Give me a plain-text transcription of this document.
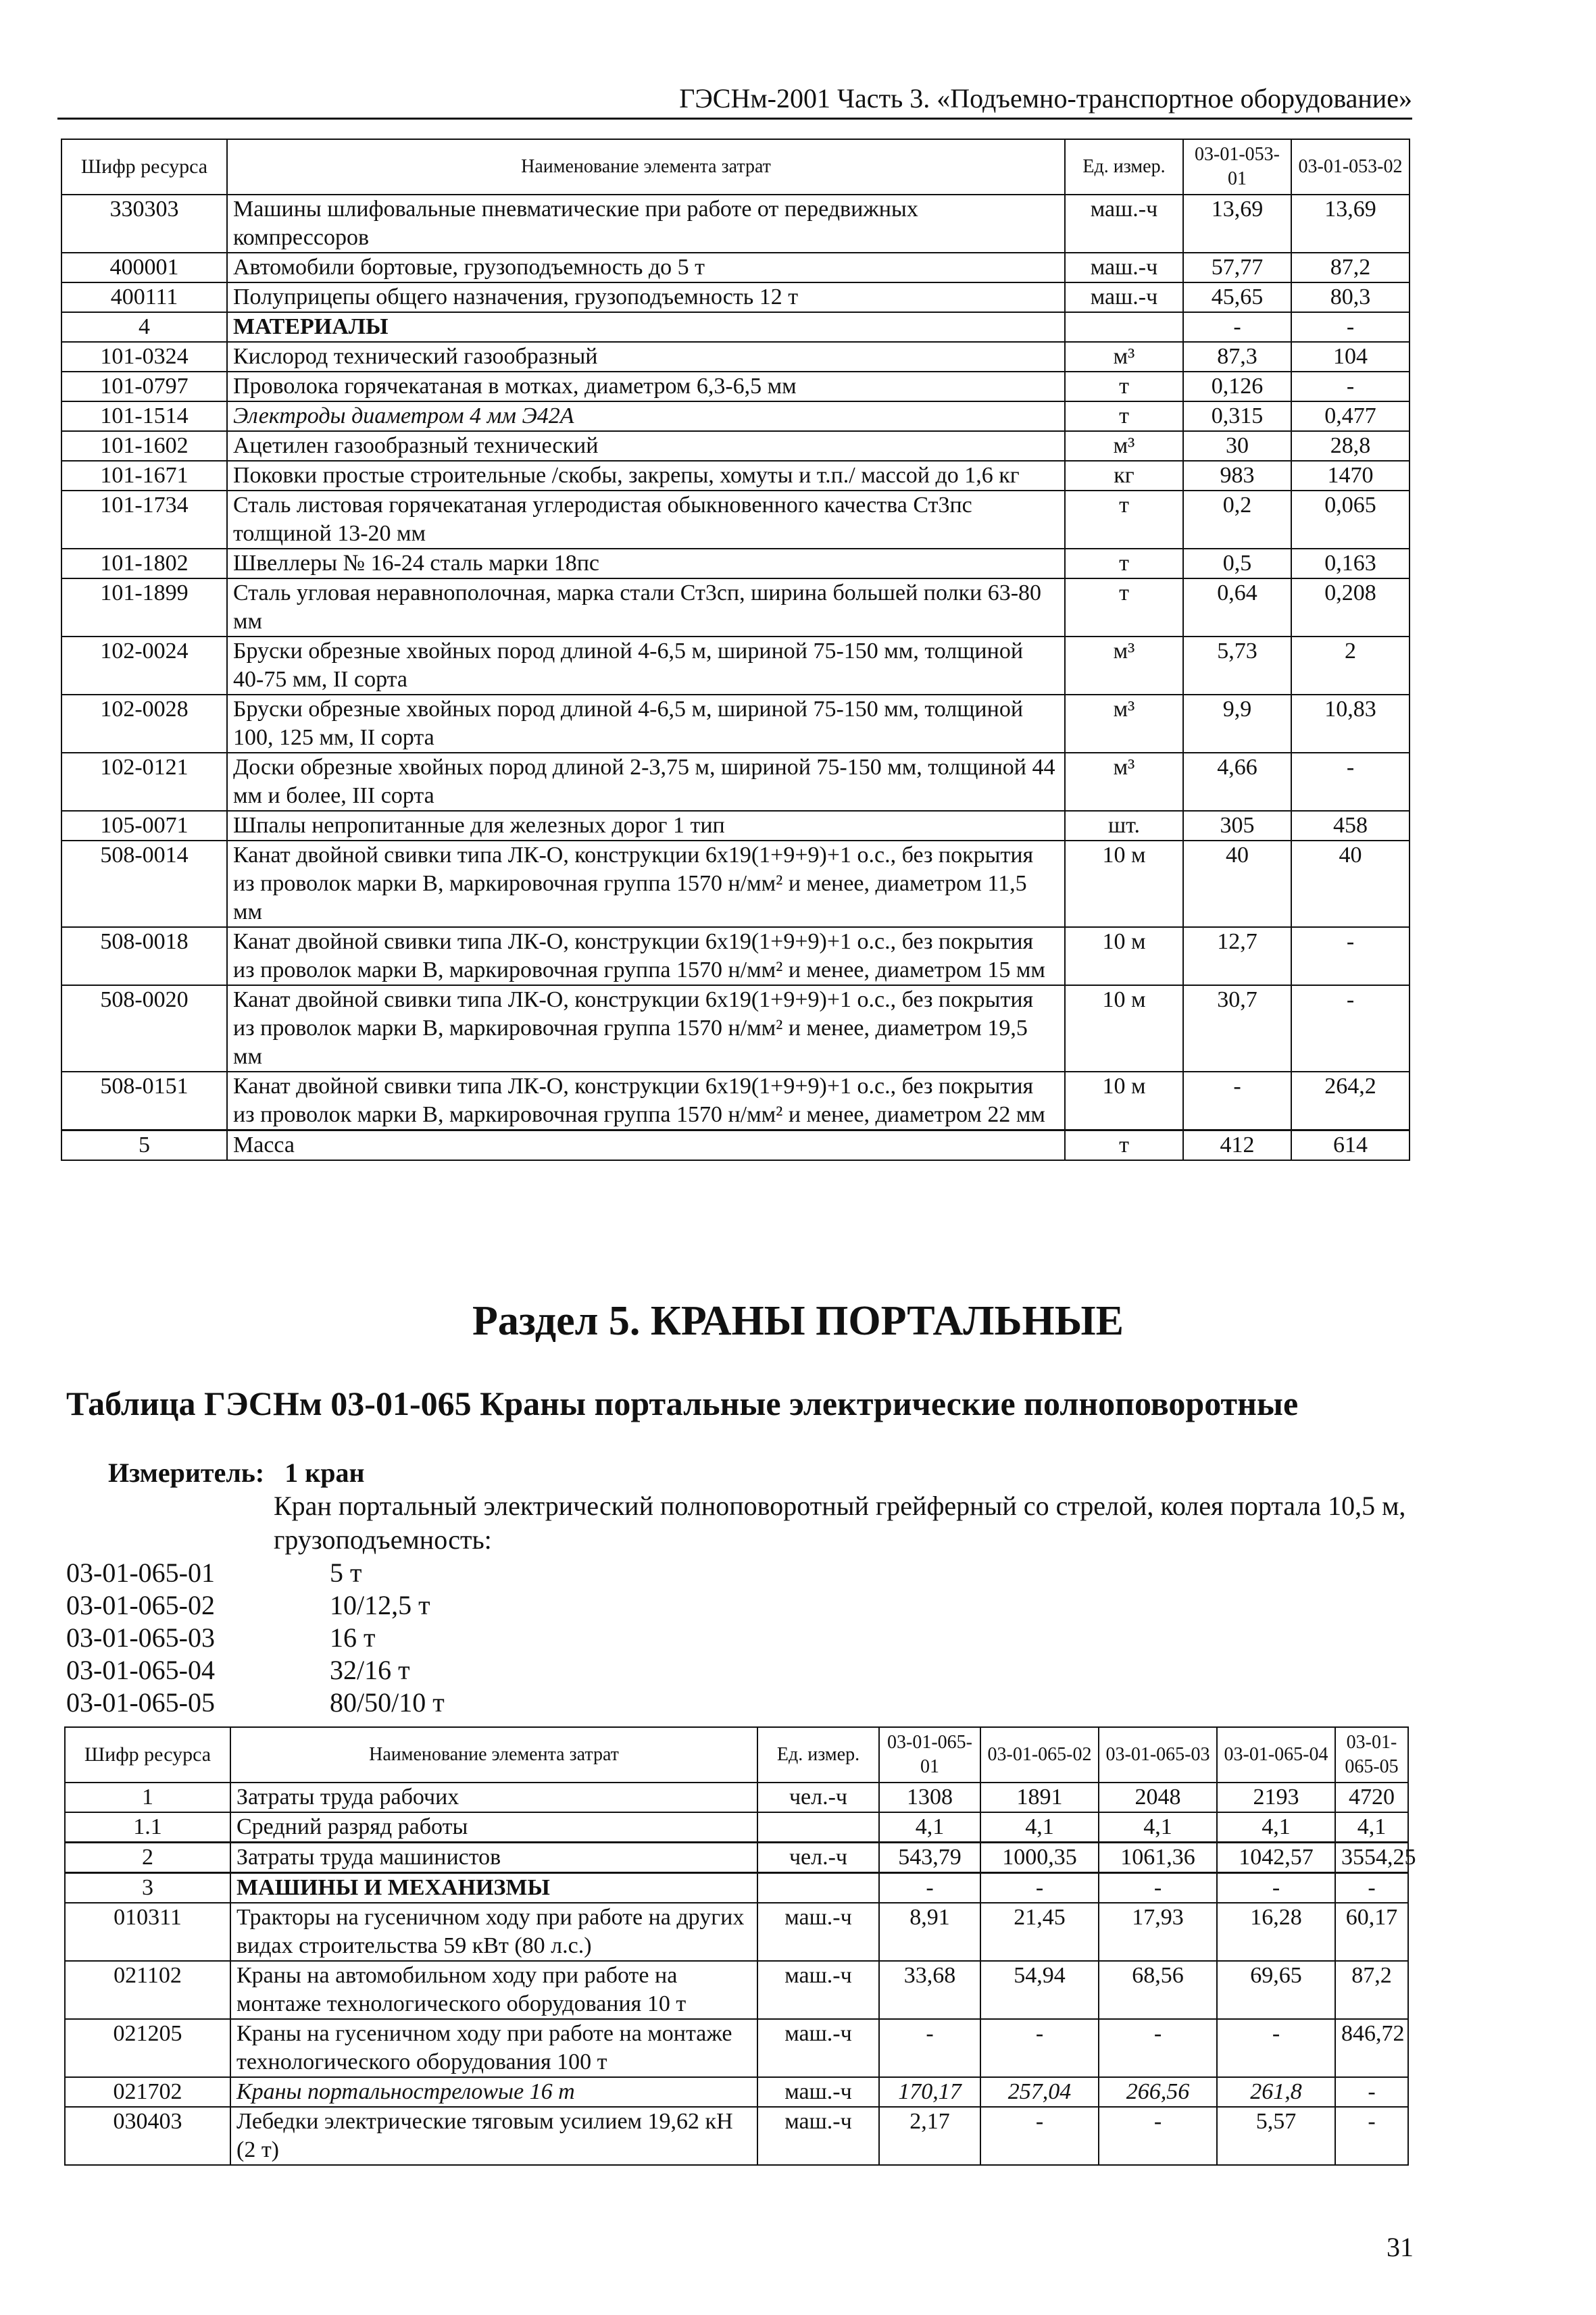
ГЭСНм-2001 Часть 3. «Подъемно-транспортное оборудование»
Шифр ресурса	Наименование элемента затрат	Ед. измер.	03-01-053-01	03-01-053-02
330303	Машины шлифовальные пневматические при работе от передвижных компрессоров	маш.-ч	13,69	13,69
400001	Автомобили бортовые, грузоподъемность до 5 т	маш.-ч	57,77	87,2
400111	Полуприцепы общего назначения, грузоподъемность 12 т	маш.-ч	45,65	80,3
4	МАТЕРИАЛЫ		-	-
101-0324	Кислород технический газообразный	м³	87,3	104
101-0797	Проволока горячекатаная в мотках, диаметром 6,3-6,5 мм	т	0,126	-
101-1514	Электроды диаметром 4 мм Э42А	т	0,315	0,477
101-1602	Ацетилен газообразный технический	м³	30	28,8
101-1671	Поковки простые строительные /скобы, закрепы, хомуты и т.п./ массой до 1,6 кг	кг	983	1470
101-1734	Сталь листовая горячекатаная углеродистая обыкновенного качества Ст3пс толщиной 13-20 мм	т	0,2	0,065
101-1802	Швеллеры № 16-24 сталь марки 18пс	т	0,5	0,163
101-1899	Сталь угловая неравнополочная, марка стали Ст3сп, ширина большей полки 63-80 мм	т	0,64	0,208
102-0024	Бруски обрезные хвойных пород длиной 4-6,5 м, шириной 75-150 мм, толщиной 40-75 мм, II сорта	м³	5,73	2
102-0028	Бруски обрезные хвойных пород длиной 4-6,5 м, шириной 75-150 мм, толщиной 100, 125 мм, II сорта	м³	9,9	10,83
102-0121	Доски обрезные хвойных пород длиной 2-3,75 м, шириной 75-150 мм, толщиной 44 мм и более, III сорта	м³	4,66	-
105-0071	Шпалы непропитанные для железных дорог 1 тип	шт.	305	458
508-0014	Канат двойной свивки типа ЛК-О, конструкции 6х19(1+9+9)+1 о.с., без покрытия из проволок марки В, маркировочная группа 1570 н/мм² и менее, диаметром 11,5 мм	10 м	40	40
508-0018	Канат двойной свивки типа ЛК-О, конструкции 6х19(1+9+9)+1 о.с., без покрытия из проволок марки В, маркировочная группа 1570 н/мм² и менее, диаметром 15 мм	10 м	12,7	-
508-0020	Канат двойной свивки типа ЛК-О, конструкции 6х19(1+9+9)+1 о.с., без покрытия из проволок марки В, маркировочная группа 1570 н/мм² и менее, диаметром 19,5 мм	10 м	30,7	-
508-0151	Канат двойной свивки типа ЛК-О, конструкции 6х19(1+9+9)+1 о.с., без покрытия из проволок марки В, маркировочная группа 1570 н/мм² и менее, диаметром 22 мм	10 м	-	264,2
5	Масса	т	412	614
Раздел 5. КРАНЫ ПОРТАЛЬНЫЕ
Таблица ГЭСНм 03-01-065 Краны портальные электрические полноповоротные
Измеритель: 1 кран
Кран портальный электрический полноповоротный грейферный со стрелой, колея портала 10,5 м, грузоподъемность:
03-01-065-01	5 т
03-01-065-02	10/12,5 т
03-01-065-03	16 т
03-01-065-04	32/16 т
03-01-065-05	80/50/10 т
Шифр ресурса	Наименование элемента затрат	Ед. измер.	03-01-065-01	03-01-065-02	03-01-065-03	03-01-065-04	03-01-065-05
1	Затраты труда рабочих	чел.-ч	1308	1891	2048	2193	4720
1.1	Средний разряд работы		4,1	4,1	4,1	4,1	4,1
2	Затраты труда машинистов	чел.-ч	543,79	1000,35	1061,36	1042,57	3554,25
3	МАШИНЫ И МЕХАНИЗМЫ		-	-	-	-	-
010311	Тракторы на гусеничном ходу при работе на других видах строительства 59 кВт (80 л.с.)	маш.-ч	8,91	21,45	17,93	16,28	60,17
021102	Краны на автомобильном ходу при работе на монтаже технологического оборудования 10 т	маш.-ч	33,68	54,94	68,56	69,65	87,2
021205	Краны на гусеничном ходу при работе на монтаже технологического оборудования 100 т	маш.-ч	-	-	-	-	846,72
021702	Краны портальнострелowые 16 т	маш.-ч	170,17	257,04	266,56	261,8	-
030403	Лебедки электрические тяговым усилием 19,62 кН (2 т)	маш.-ч	2,17	-	-	5,57	-
31
